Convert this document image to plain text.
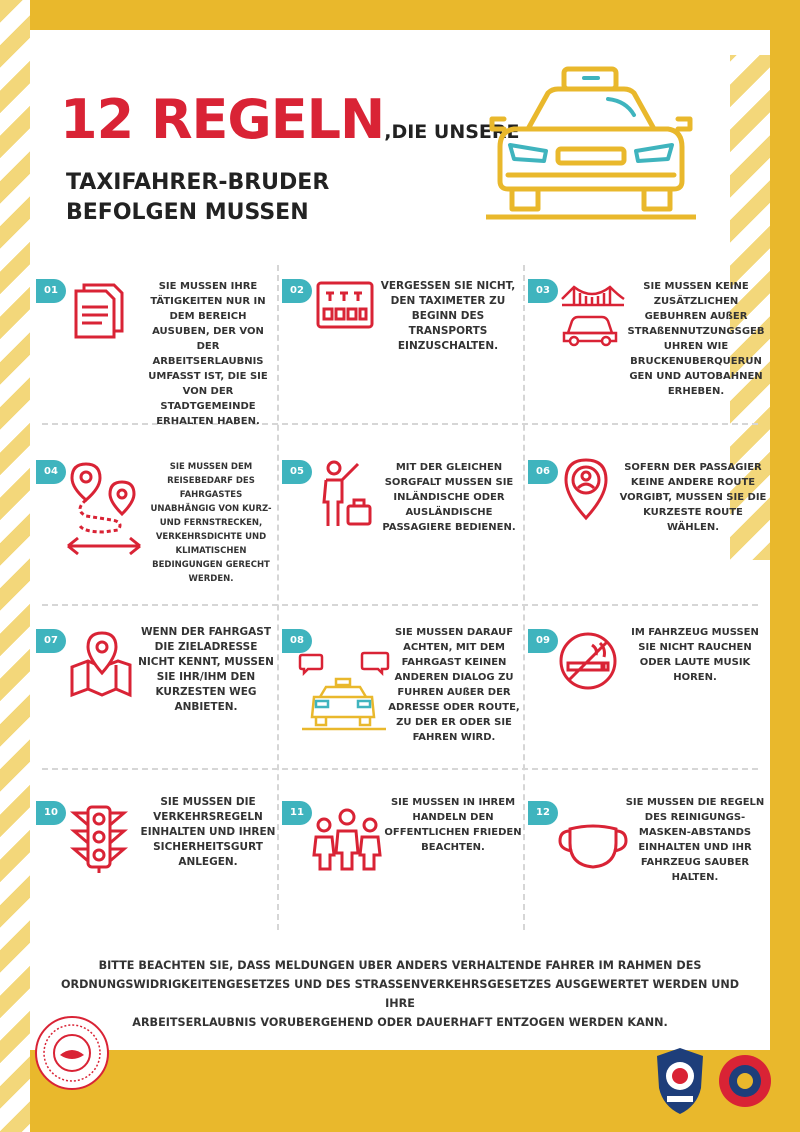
12 REGELN,DIE UNSERE
TAXIFAHRER-BRUDER
BEFOLGEN MUSSEN
01	SIE MUSSEN IHRE TÄTIGKEITEN NUR IN DEM BEREICH AUSUBEN, DER VON DER ARBEITSERLAUBNIS UMFASST IST, DIE SIE VON DER STADTGEMEINDE ERHALTEN HABEN.
02	VERGESSEN SIE NICHT, DEN TAXIMETER ZU BEGINN DES TRANSPORTS EINZUSCHALTEN.
03	SIE MUSSEN KEINE ZUSÄTZLICHEN GEBUHREN AUßER STRAßENNUTZUNGSGEB UHREN WIE BRUCKENUBERQUERUN GEN UND AUTOBAHNEN ERHEBEN.
04	SIE MUSSEN DEM REISEBEDARF DES FAHRGASTES UNABHÄNGIG VON KURZ- UND FERNSTRECKEN, VERKEHRSDICHTE UND KLIMATISCHEN BEDINGUNGEN GERECHT WERDEN.
05	MIT DER GLEICHEN SORGFALT MUSSEN SIE INLÄNDISCHE ODER AUSLÄNDISCHE PASSAGIERE BEDIENEN.
06	SOFERN DER PASSAGIER KEINE ANDERE ROUTE VORGIBT, MUSSEN SIE DIE KURZESTE ROUTE WÄHLEN.
07
WENN DER FAHRGAST DIE ZIELADRESSE NICHT KENNT, MUSSEN SIE IHR/IHM DEN KURZESTEN WEG ANBIETEN.
08
SIE MUSSEN DARAUF ACHTEN, MIT DEM FAHRGAST KEINEN ANDEREN DIALOG ZU FUHREN AUßER DER ADRESSE ODER ROUTE, ZU DER ER ODER SIE FAHREN WIRD.
09
IM FAHRZEUG MUSSEN SIE NICHT RAUCHEN ODER LAUTE MUSIK HOREN.
10
SIE MUSSEN DIE VERKEHRSREGELN EINHALTEN UND IHREN SICHERHEITSGURT ANLEGEN.
11
SIE MUSSEN IN IHREM HANDELN DEN OFFENTLICHEN FRIEDEN BEACHTEN.
12
SIE MUSSEN DIE REGELN DES REINIGUNGS-MASKEN-ABSTANDS EINHALTEN UND IHR FAHRZEUG SAUBER HALTEN.
BITTE BEACHTEN SIE, DASS MELDUNGEN UBER ANDERS VERHALTENDE FAHRER IM RAHMEN DES
ORDNUNGSWIDRIGKEITENGESETZES UND DES STRASSENVERKEHRSGESETZES AUSGEWERTET WERDEN UND IHRE
ARBEITSERLAUBNIS VORUBERGEHEND ODER DAUERHAFT ENTZOGEN WERDEN KANN.
